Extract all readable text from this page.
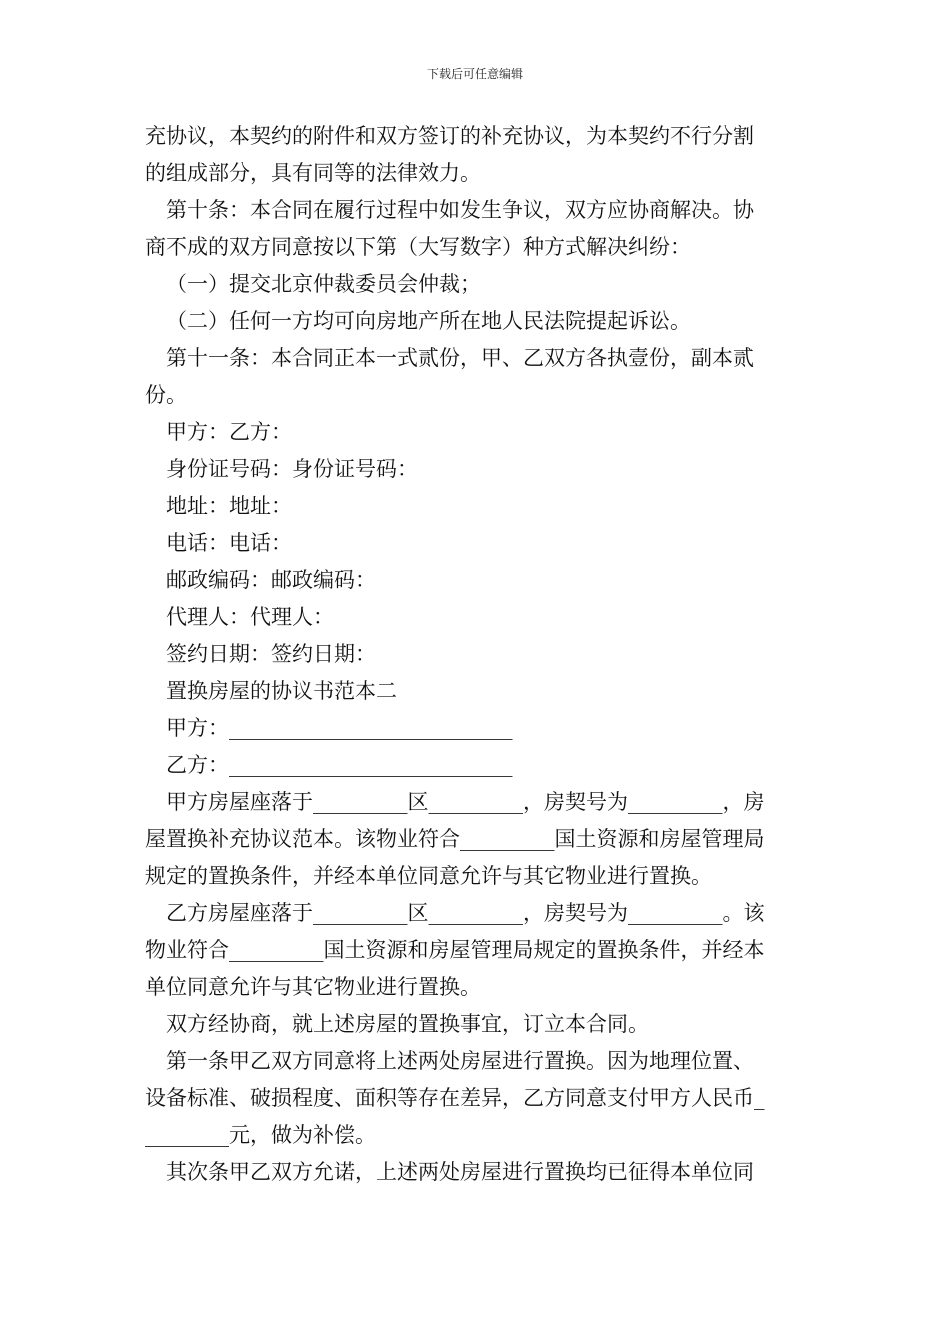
下载后可任意编辑
充协议，本契约的附件和双方签订的补充协议，为本契约不行分割
的组成部分，具有同等的法律效力。
第十条：本合同在履行过程中如发生争议，双方应协商解决。协
商不成的双方同意按以下第（大写数字）种方式解决纠纷：
（一）提交北京仲裁委员会仲裁；
（二）任何一方均可向房地产所在地人民法院提起诉讼。
第十一条：本合同正本一式贰份，甲、乙双方各执壹份，副本贰
份。
甲方：乙方：
身份证号码：身份证号码：
地址：地址：
电话：电话：
邮政编码：邮政编码：
代理人：代理人：
签约日期：签约日期：
置换房屋的协议书范本二
甲方：___________________________
乙方：___________________________
甲方房屋座落于_________区_________，房契号为_________，房
屋置换补充协议范本。该物业符合_________国土资源和房屋管理局
规定的置换条件，并经本单位同意允许与其它物业进行置换。
乙方房屋座落于_________区_________，房契号为_________。该
物业符合_________国土资源和房屋管理局规定的置换条件，并经本
单位同意允许与其它物业进行置换。
双方经协商，就上述房屋的置换事宜，订立本合同。
第一条甲乙双方同意将上述两处房屋进行置换。因为地理位置、
设备标准、破损程度、面积等存在差异，乙方同意支付甲方人民币_
________元，做为补偿。
其次条甲乙双方允诺，上述两处房屋进行置换均已征得本单位同
